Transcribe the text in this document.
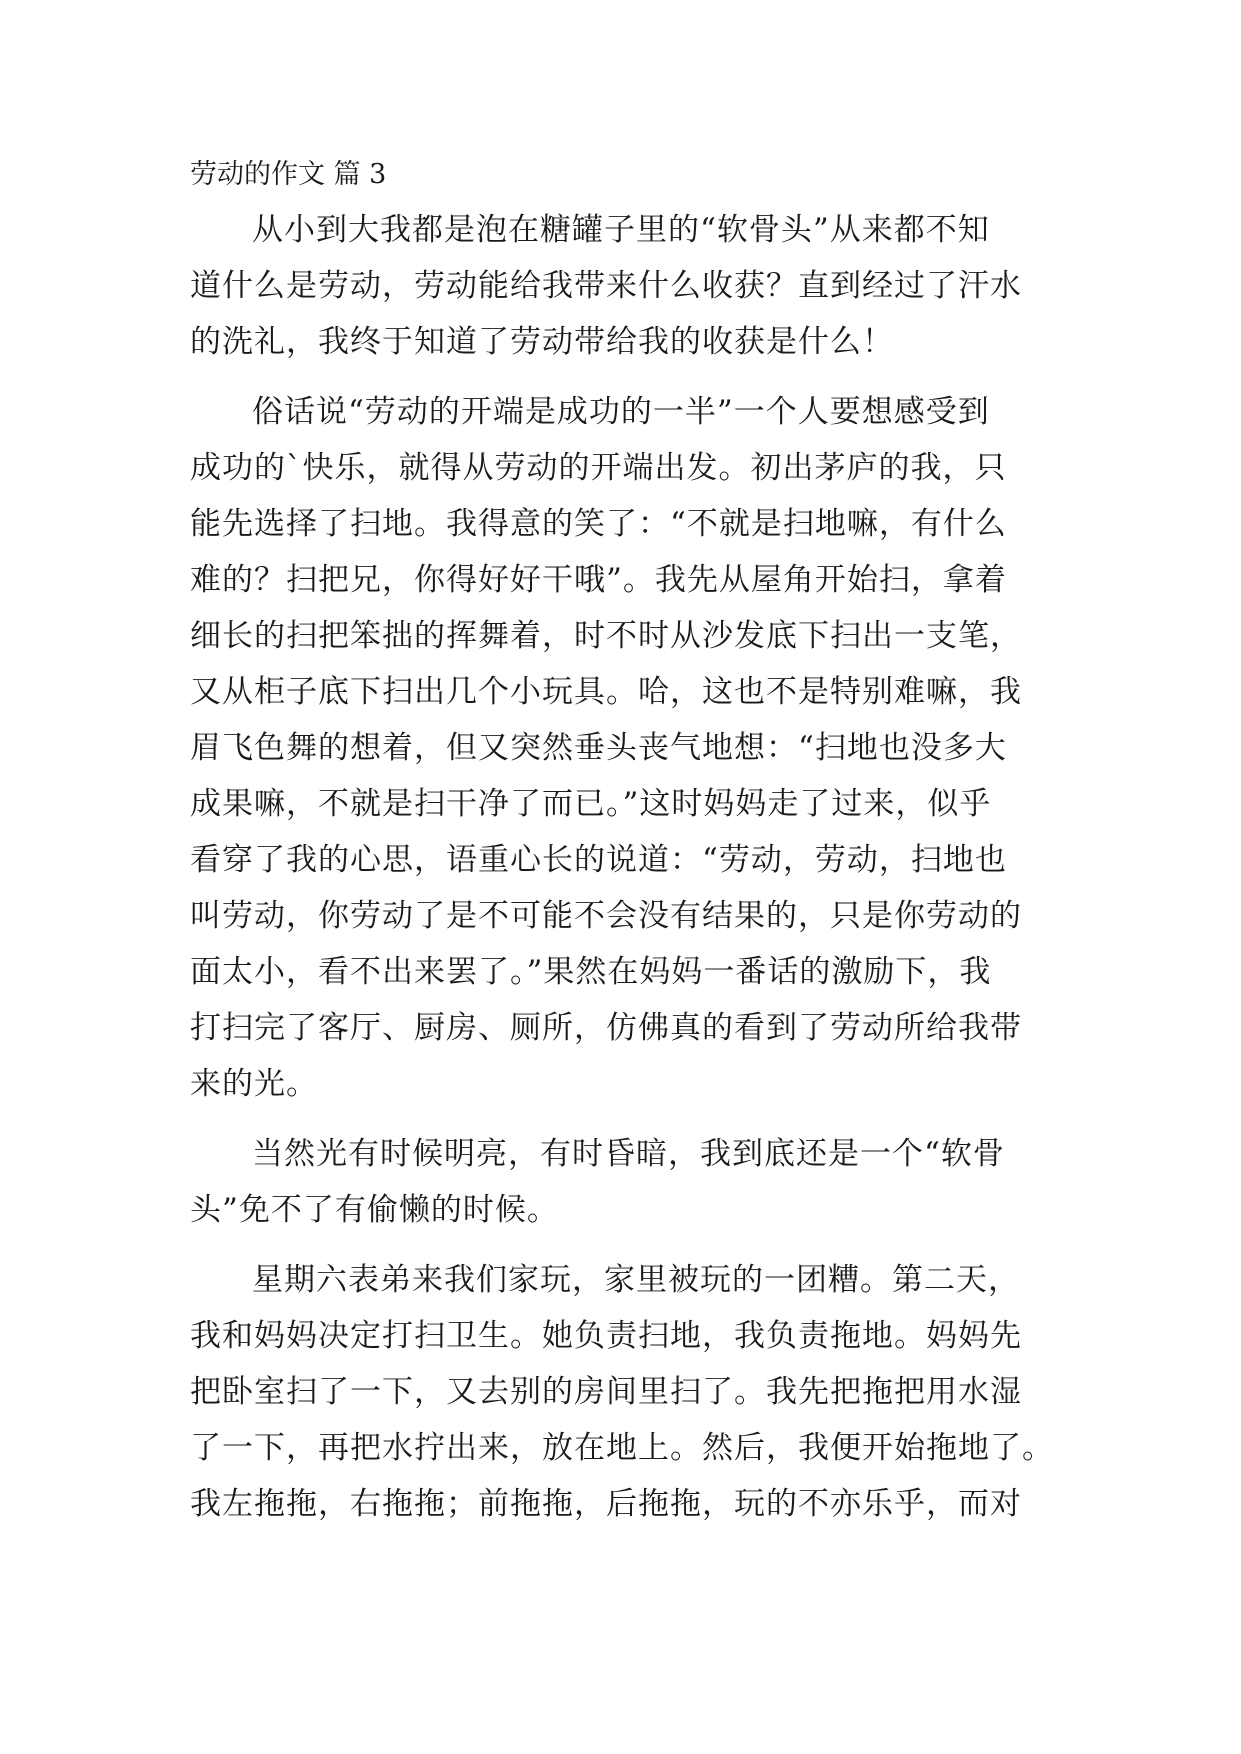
劳动的作文 篇 3
从小到大我都是泡在糖罐子里的“软骨头”从来都不知
道什么是劳动，劳动能给我带来什么收获？直到经过了汗水
的洗礼，我终于知道了劳动带给我的收获是什么！
俗话说“劳动的开端是成功的一半”一个人要想感受到
成功的`快乐，就得从劳动的开端出发。初出茅庐的我，只
能先选择了扫地。我得意的笑了：“不就是扫地嘛，有什么
难的？扫把兄，你得好好干哦”。我先从屋角开始扫，拿着
细长的扫把笨拙的挥舞着，时不时从沙发底下扫出一支笔，
又从柜子底下扫出几个小玩具。哈，这也不是特别难嘛，我
眉飞色舞的想着，但又突然垂头丧气地想：“扫地也没多大
成果嘛，不就是扫干净了而已。”这时妈妈走了过来，似乎
看穿了我的心思，语重心长的说道：“劳动，劳动，扫地也
叫劳动，你劳动了是不可能不会没有结果的，只是你劳动的
面太小，看不出来罢了。”果然在妈妈一番话的激励下，我
打扫完了客厅、厨房、厕所，仿佛真的看到了劳动所给我带
来的光。
当然光有时候明亮，有时昏暗，我到底还是一个“软骨
头”免不了有偷懒的时候。
星期六表弟来我们家玩，家里被玩的一团糟。第二天，
我和妈妈决定打扫卫生。她负责扫地，我负责拖地。妈妈先
把卧室扫了一下，又去别的房间里扫了。我先把拖把用水湿
了一下，再把水拧出来，放在地上。然后，我便开始拖地了。
我左拖拖，右拖拖；前拖拖，后拖拖，玩的不亦乐乎，而对
